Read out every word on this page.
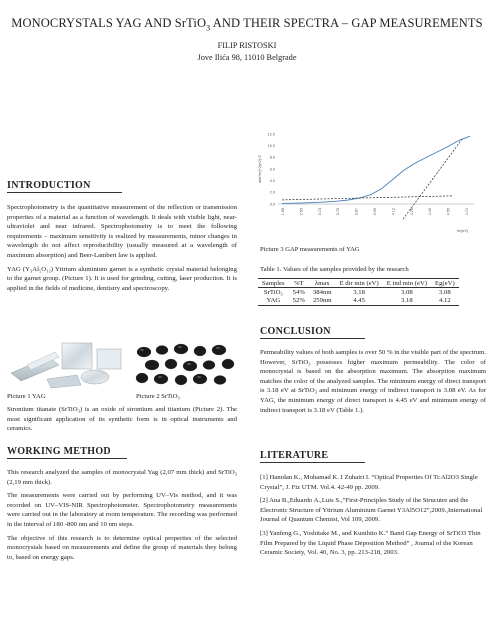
MONOCRYSTALS YAG AND SrTiO$_3$ AND THEIR SPECTRA – GAP MEASUREMENTS
FILIP RISTOSKI
Jove Ilića 98, 11010 Belgrade
INTRODUCTION

Spectrophotometry is the quantitative measurement of the reflection or transmission properties of a material as a function of wavelength. It deals with visible light, near-ultraviolet and near infrared. Spectrophotometry is to meet the following requirements – maximum sensitivity is realized by measurements, minor changes in wavelength do not affect reproducibility (usually measured at a wavelength of maximum absorption) and Beer-Lambert law is applied.

YAG (Y₃Al₅O₁₂) Yttrium aluminium garnet is a synthetic crystal material belonging to the garnet group. (Picture 1). It is used for grinding, cutting, laser production. It is applied in the fields of medicine, dentistry and spectroscopy.

Picture 1 YAG	Picture 2 SrTiO₃
Strontium titanate (SrTiO₃) is an oxide of strontium and titanium (Picture 2). The most significant application of its synthetic form is in optical instruments and ceramics.
WORKING METHOD

This research analyzed the samples of monocrystal Yag (2,07 mm thick) and SrTiO₃ (2,19 mm thick).

The measurements were carried out by performing UV–Vis method, and it was recorded on UV–VIS-NIR Spectrophotometer. Spectrophotometry measurements were carried out in the laboratory at room temperature. The recording was performed in the interval of 180 -800 nm and 10 nm steps.

The objective of this research is to determine optical properties of the selected monocrystals based on measurements and define the group of materials they belong to, based on energy gaps.

12.0
10.0
8.0
6.0
4.0
2.0
0.0
1.98	2.55	3.15	3.76	3.87	3.99	4.12	4.25	4.40	4.55	4.72
abs*hν)^2(eV)^2
hν(eV)
Picture 3 GAP measurements of YAG
Table 1. Values of the samples provided by the research
Samples	%T	λmax	E dir min (eV)	E ind min (eV)	Eg(eV)
SrTiO₃	54%	384nm	3.18	3.08	3.08
YAG	52%	259nm	4.45	3.18	4.12
CONCLUSION
Permeability values of both samples is over 50 % in the visible part of the spectrum. However, SrTiO₃ possesses higher maximum permeability. The color of monocrystal is based on the absorption maximum. The absorption maximum matches the color of the analyzed samples. The minimum energy of direct transport is 3.18 eV at SrTiO₃ and minimum energy of indirect transport is 3.08 eV. As for YAG, the minimum energy of direct transport is 4.45 eV and minimum energy of indirect transport is 3.18 eV (Table 1.).
LITERATURE

[1] Hamdan K., Mohamad K. I Zuhairi I. “Optical Properties Of Ti:Al2O3 Single Crystal”, J. Fiz UTM. Vol.4. 42-49 pp. 2009.

[2] Ana B.,Eduardo A.,Luis S.,”First-Principles Study of the Strucutre and the Electronic Structure of Yttrium Aluminium Garnet Y3Al5O12”,2009.,International Journal of Quantum Chemist, Vol 109, 2009.

[3] Yanfeng G., Yoshitake M., and Kunihito K.” Band Gap Energy of SrTiO3 Thin Film Prepared by the Liquid Phase Deposition Method” , Journal of the Korean Ceramic Society, Vol. 40, No. 3, pp. 213-218, 2003.
